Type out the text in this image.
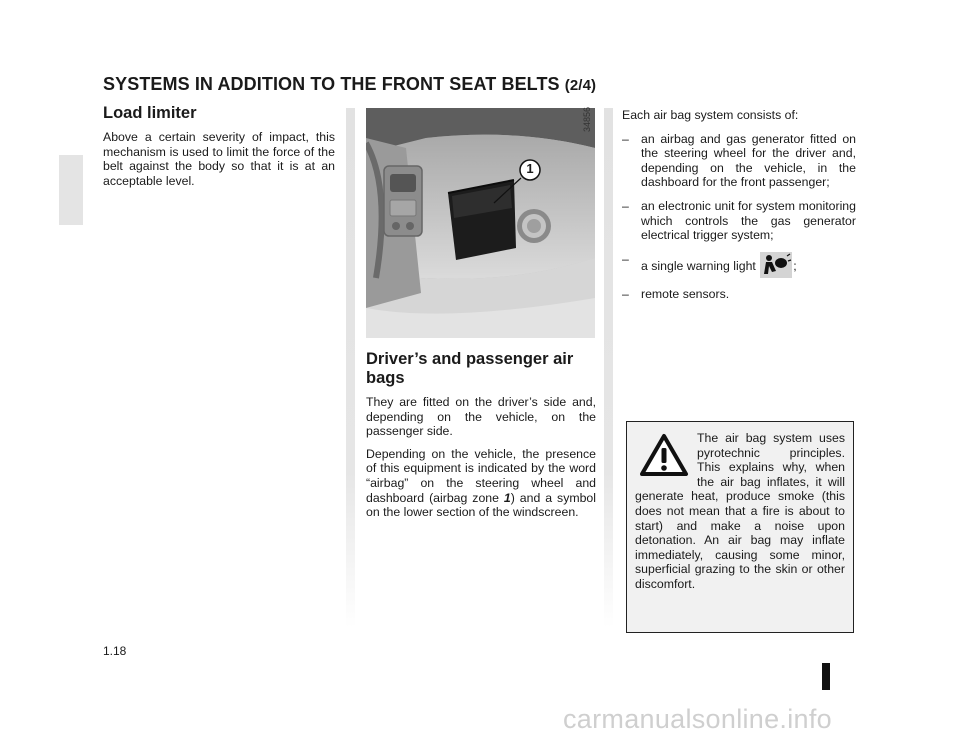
SYSTEMS IN ADDITION TO THE FRONT SEAT BELTS (2/4)
Load limiter

Above a certain severity of impact, this mechanism is used to limit the force of the belt against the body so that it is at an acceptable level.

1
Driver’s and passenger air bags

They are fitted on the driver’s side and, depending on the vehicle, on the passenger side.

Depending on the vehicle, the presence of this equipment is indicated by the word “airbag” on the steering wheel and dashboard (airbag zone 1) and a symbol on the lower section of the windscreen.

34856 Each air bag system consists of:

– an airbag and gas generator fitted on the steering wheel for the driver and, depending on the vehicle, in the dashboard for the front passenger;
– an electronic unit for system monitoring which controls the gas generator electrical trigger system;
– a single warning light	;
– remote sensors.

The air bag system uses pyrotechnic principles. This explains why, when the air bag inflates, it will generate heat, produce smoke (this does not mean that a fire is about to start) and make a noise upon detonation. An air bag may inflate immediately, causing some minor, superficial grazing to the skin or other discomfort.

1.18
carmanualsonline.info
